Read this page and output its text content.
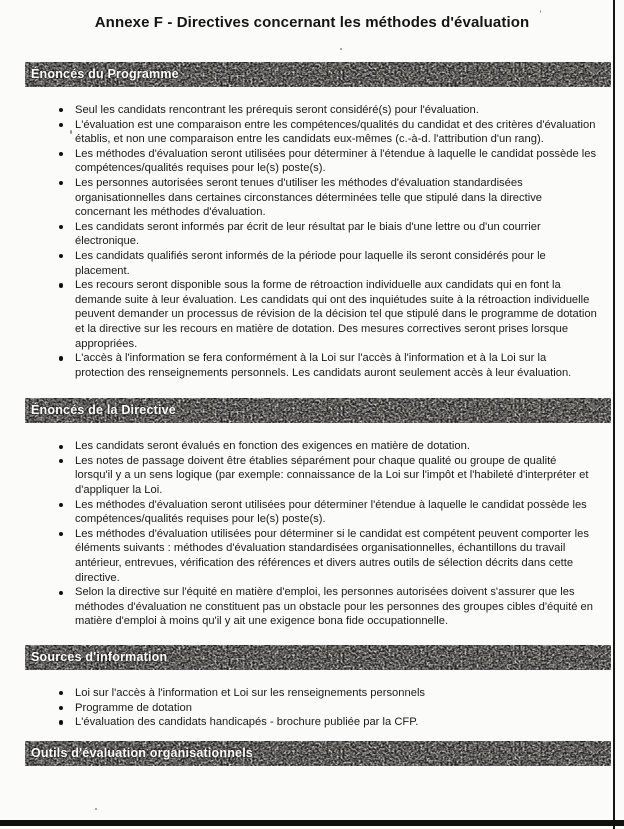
Annexe F - Directives concernant les méthodes d'évaluation
Énoncés du Programme
Seul les candidats rencontrant les prérequis seront considéré(s) pour l'évaluation.
L'évaluation est une comparaison entre les compétences/qualités du candidat et des critères d'évaluation établis, et non une comparaison entre les candidats eux-mêmes (c.-à-d. l'attribution d'un rang).
Les méthodes d'évaluation seront utilisées pour déterminer à l'étendue à laquelle le candidat possède les compétences/qualités requises pour le(s) poste(s).
Les personnes autorisées seront tenues d'utiliser les méthodes d'évaluation standardisées organisationnelles dans certaines circonstances déterminées telle que stipulé dans la directive concernant les méthodes d'évaluation.
Les candidats seront informés par écrit de leur résultat par le biais d'une lettre ou d'un courrier électronique.
Les candidats qualifiés seront informés de la période pour laquelle ils seront considérés pour le placement.
Les recours seront disponible sous la forme de rétroaction individuelle aux candidats qui en font la demande suite à leur évaluation. Les candidats qui ont des inquiétudes suite à la rétroaction individuelle peuvent demander un processus de révision de la décision tel que stipulé dans le programme de dotation et la directive sur les recours en matière de dotation. Des mesures correctives seront prises lorsque appropriées.
L'accès à l'information se fera conformément à la Loi sur l'accès à l'information et à la Loi sur la protection des renseignements personnels. Les candidats auront seulement accès à leur évaluation.
Énoncés de la Directive
Les candidats seront évalués en fonction des exigences en matière de dotation.
Les notes de passage doivent être établies séparément pour chaque qualité ou groupe de qualité lorsqu'il y a un sens logique (par exemple: connaissance de la Loi sur l'impôt et l'habileté d'interpréter et d'appliquer la Loi.
Les méthodes d'évaluation seront utilisées pour déterminer l'étendue à laquelle le candidat possède les compétences/qualités requises pour le(s) poste(s).
Les méthodes d'évaluation utilisées pour déterminer si le candidat est compétent peuvent comporter les éléments suivants : méthodes d'évaluation standardisées organisationnelles, échantillons du travail antérieur, entrevues, vérification des références et divers autres outils de sélection décrits dans cette directive.
Selon la directive sur l'équité en matière d'emploi, les personnes autorisées doivent s'assurer que les méthodes d'évaluation ne constituent pas un obstacle pour les personnes des groupes cibles d'équité en matière d'emploi à moins qu'il y ait une exigence bona fide occupationnelle.
Sources d'information
Loi sur l'accès à l'information et Loi sur les renseignements personnels
Programme de dotation
L'évaluation des candidats handicapés - brochure publiée par la CFP.
Outils d'évaluation organisationnels
